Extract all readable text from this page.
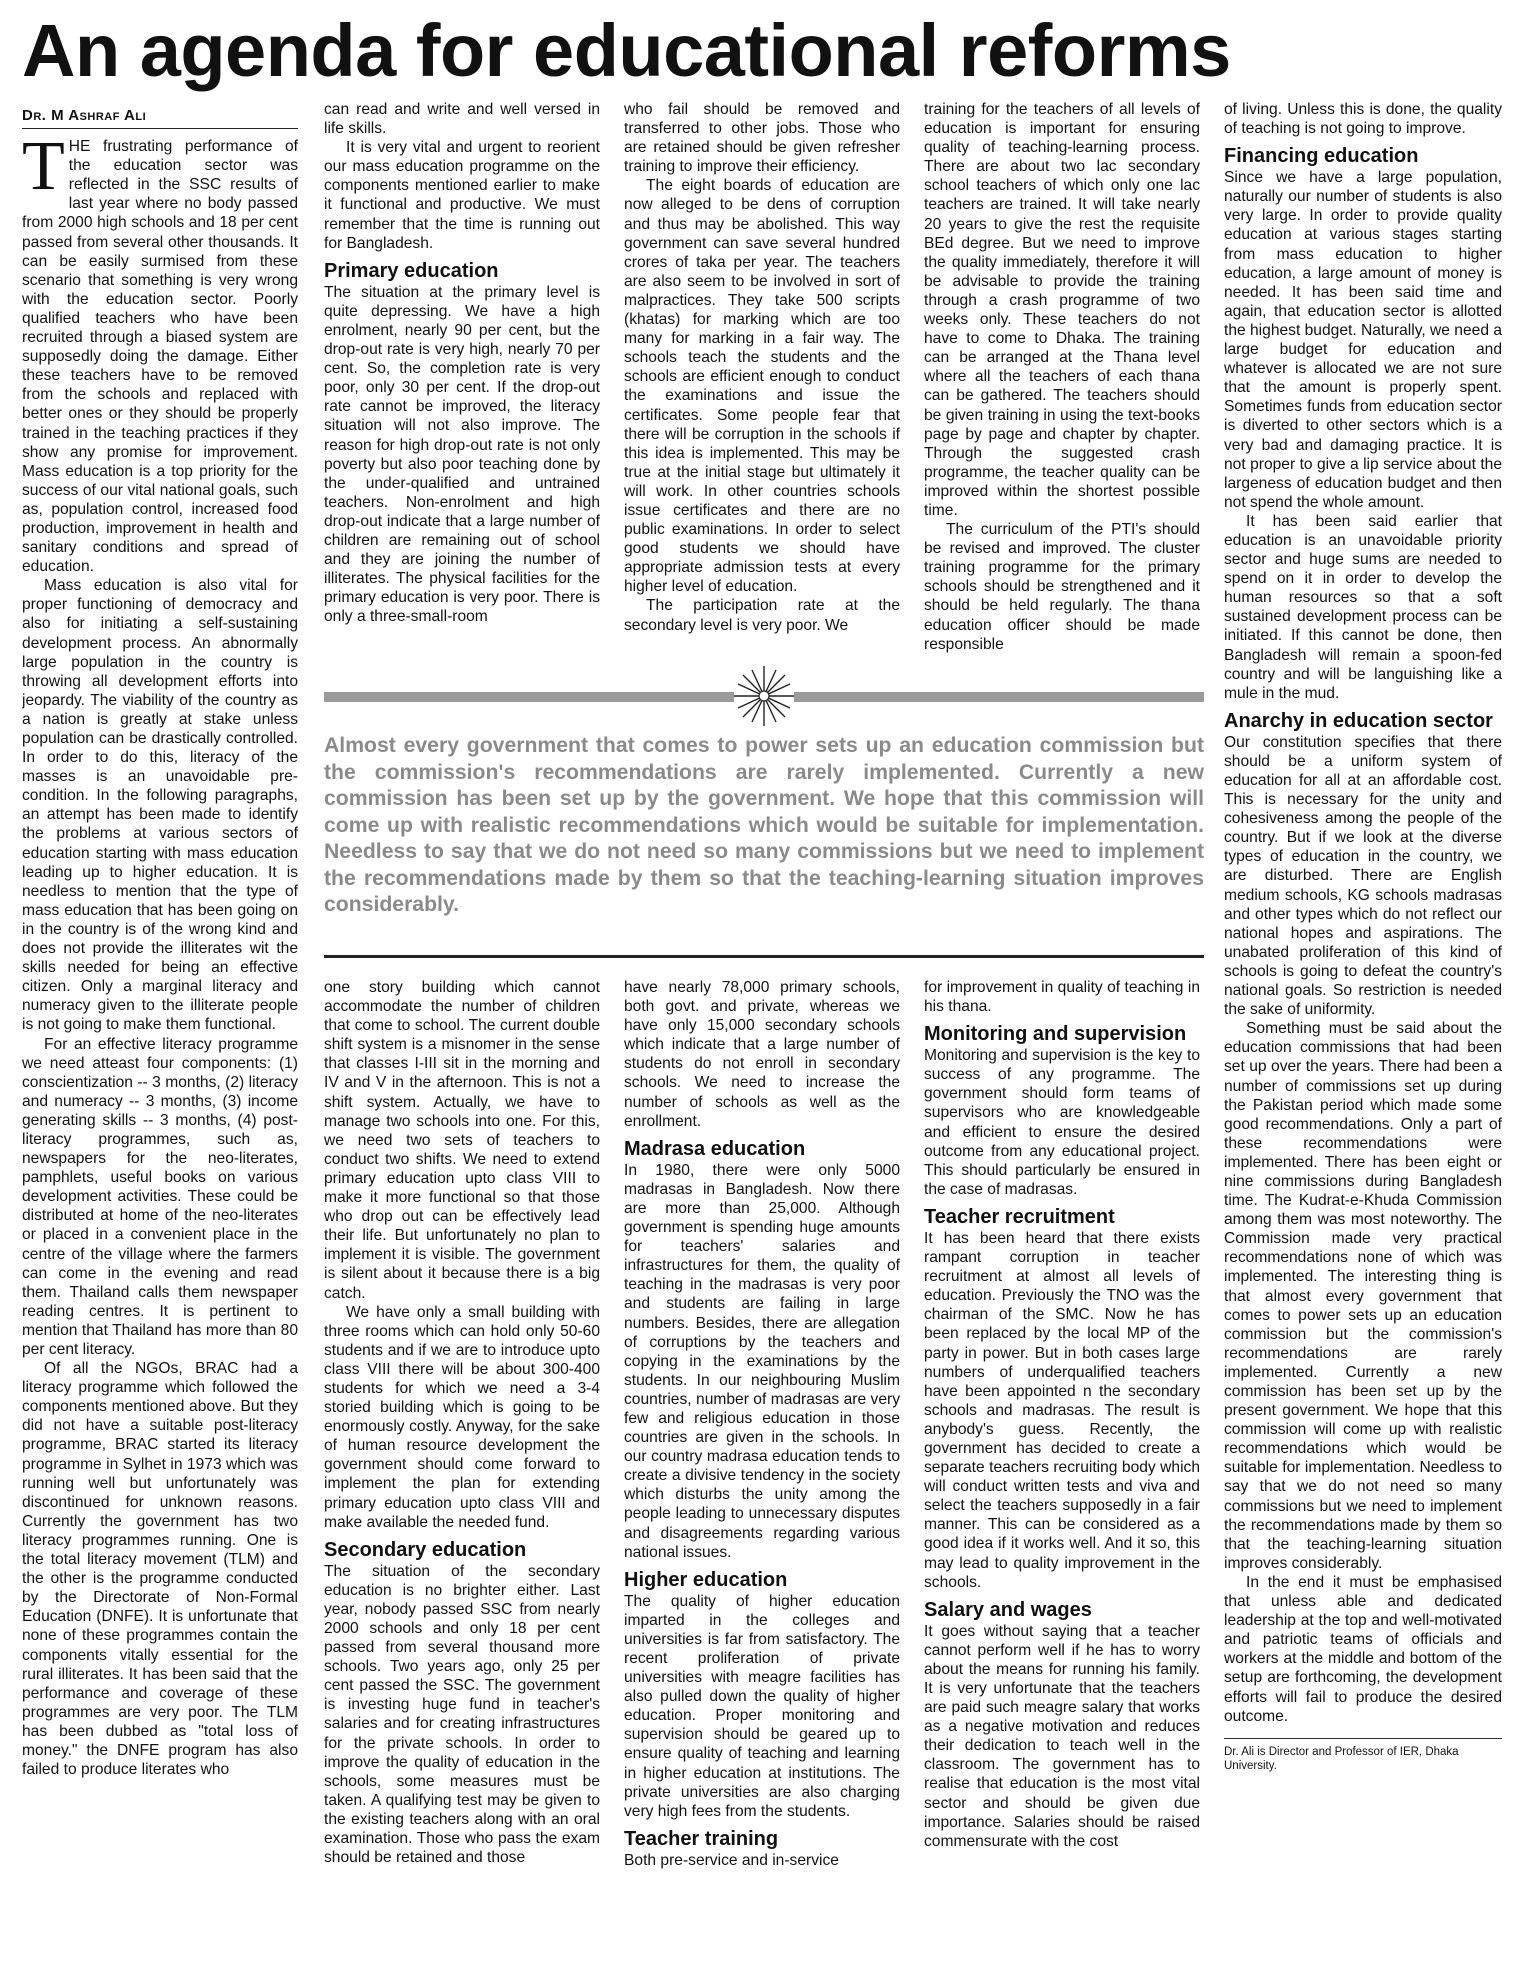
An agenda for educational reforms
Dr. M Ashraf Ali
T HE frustrating performance of the education sector was reflected in the SSC results of last year where no body passed from 2000 high schools and 18 per cent passed from several other thousands. It can be easily surmised from these scenario that something is very wrong with the education sector. Poorly qualified teachers who have been recruited through a biased system are supposedly doing the damage. Either these teachers have to be removed from the schools and replaced with better ones or they should be properly trained in the teaching practices if they show any promise for improvement. Mass education is a top priority for the success of our vital national goals, such as, population control, increased food production, improvement in health and sanitary conditions and spread of education.

Mass education is also vital for proper functioning of democracy and also for initiating a self-sustaining development process. An abnormally large population in the country is throwing all development efforts into jeopardy. The viability of the country as a nation is greatly at stake unless population can be drastically controlled. In order to do this, literacy of the masses is an unavoidable pre-condition. In the following paragraphs, an attempt has been made to identify the problems at various sectors of education starting with mass education leading up to higher education. It is needless to mention that the type of mass education that has been going on in the country is of the wrong kind and does not provide the illiterates wit the skills needed for being an effective citizen. Only a marginal literacy and numeracy given to the illiterate people is not going to make them functional.

For an effective literacy programme we need atteast four components: (1) conscientization -- 3 months, (2) literacy and numeracy -- 3 months, (3) income generating skills -- 3 months, (4) post-literacy programmes, such as, newspapers for the neo-literates, pamphlets, useful books on various development activities. These could be distributed at home of the neo-literates or placed in a convenient place in the centre of the village where the farmers can come in the evening and read them. Thailand calls them newspaper reading centres. It is pertinent to mention that Thailand has more than 80 per cent literacy.

Of all the NGOs, BRAC had a literacy programme which followed the components mentioned above. But they did not have a suitable post-literacy programme, BRAC started its literacy programme in Sylhet in 1973 which was running well but unfortunately was discontinued for unknown reasons. Currently the government has two literacy programmes running. One is the total literacy movement (TLM) and the other is the programme conducted by the Directorate of Non-Formal Education (DNFE). It is unfortunate that none of these programmes contain the components vitally essential for the rural illiterates. It has been said that the performance and coverage of these programmes are very poor. The TLM has been dubbed as "total loss of money." the DNFE program has also failed to produce literates who

can read and write and well versed in life skills.

It is very vital and urgent to reorient our mass education programme on the components mentioned earlier to make it functional and productive. We must remember that the time is running out for Bangladesh.

Primary education

The situation at the primary level is quite depressing. We have a high enrolment, nearly 90 per cent, but the drop-out rate is very high, nearly 70 per cent. So, the completion rate is very poor, only 30 per cent. If the drop-out rate cannot be improved, the literacy situation will not also improve. The reason for high drop-out rate is not only poverty but also poor teaching done by the under-qualified and untrained teachers. Non-enrolment and high drop-out indicate that a large number of children are remaining out of school and they are joining the number of illiterates. The physical facilities for the primary education is very poor. There is only a three-small-room

who fail should be removed and transferred to other jobs. Those who are retained should be given refresher training to improve their efficiency.

The eight boards of education are now alleged to be dens of corruption and thus may be abolished. This way government can save several hundred crores of taka per year. The teachers are also seem to be involved in sort of malpractices. They take 500 scripts (khatas) for marking which are too many for marking in a fair way. The schools teach the students and the schools are efficient enough to conduct the examinations and issue the certificates. Some people fear that there will be corruption in the schools if this idea is implemented. This may be true at the initial stage but ultimately it will work. In other countries schools issue certificates and there are no public examinations. In order to select good students we should have appropriate admission tests at every higher level of education.

The participation rate at the secondary level is very poor. We

training for the teachers of all levels of education is important for ensuring quality of teaching-learning process. There are about two lac secondary school teachers of which only one lac teachers are trained. It will take nearly 20 years to give the rest the requisite BEd degree. But we need to improve the quality immediately, therefore it will be advisable to provide the training through a crash programme of two weeks only. These teachers do not have to come to Dhaka. The training can be arranged at the Thana level where all the teachers of each thana can be gathered. The teachers should be given training in using the text-books page by page and chapter by chapter. Through the suggested crash programme, the teacher quality can be improved within the shortest possible time.

The curriculum of the PTI's should be revised and improved. The cluster training programme for the primary schools should be strengthened and it should be held regularly. The thana education officer should be made responsible

Almost every government that comes to power sets up an education commission but the commission's recommendations are rarely implemented. Currently a new commission has been set up by the government. We hope that this commission will come up with realistic recommendations which would be suitable for implementation. Needless to say that we do not need so many commissions but we need to implement the recommendations made by them so that the teaching-learning situation improves considerably.

one story building which cannot accommodate the number of children that come to school. The current double shift system is a misnomer in the sense that classes I-III sit in the morning and IV and V in the afternoon. This is not a shift system. Actually, we have to manage two schools into one. For this, we need two sets of teachers to conduct two shifts. We need to extend primary education upto class VIII to make it more functional so that those who drop out can be effectively lead their life. But unfortunately no plan to implement it is visible. The government is silent about it because there is a big catch.

We have only a small building with three rooms which can hold only 50-60 students and if we are to introduce upto class VIII there will be about 300-400 students for which we need a 3-4 storied building which is going to be enormously costly. Anyway, for the sake of human resource development the government should come forward to implement the plan for extending primary education upto class VIII and make available the needed fund.

Secondary education

The situation of the secondary education is no brighter either. Last year, nobody passed SSC from nearly 2000 schools and only 18 per cent passed from several thousand more schools. Two years ago, only 25 per cent passed the SSC. The government is investing huge fund in teacher's salaries and for creating infrastructures for the private schools. In order to improve the quality of education in the schools, some measures must be taken. A qualifying test may be given to the existing teachers along with an oral examination. Those who pass the exam should be retained and those

have nearly 78,000 primary schools, both govt. and private, whereas we have only 15,000 secondary schools which indicate that a large number of students do not enroll in secondary schools. We need to increase the number of schools as well as the enrollment.

Madrasa education

In 1980, there were only 5000 madrasas in Bangladesh. Now there are more than 25,000. Although government is spending huge amounts for teachers' salaries and infrastructures for them, the quality of teaching in the madrasas is very poor and students are failing in large numbers. Besides, there are allegation of corruptions by the teachers and copying in the examinations by the students. In our neighbouring Muslim countries, number of madrasas are very few and religious education in those countries are given in the schools. In our country madrasa education tends to create a divisive tendency in the society which disturbs the unity among the people leading to unnecessary disputes and disagreements regarding various national issues.

Higher education

The quality of higher education imparted in the colleges and universities is far from satisfactory. The recent proliferation of private universities with meagre facilities has also pulled down the quality of higher education. Proper monitoring and supervision should be geared up to ensure quality of teaching and learning in higher education at institutions. The private universities are also charging very high fees from the students.

Teacher training

Both pre-service and in-service

for improvement in quality of teaching in his thana.

Monitoring and supervision

Monitoring and supervision is the key to success of any programme. The government should form teams of supervisors who are knowledgeable and efficient to ensure the desired outcome from any educational project. This should particularly be ensured in the case of madrasas.

Teacher recruitment

It has been heard that there exists rampant corruption in teacher recruitment at almost all levels of education. Previously the TNO was the chairman of the SMC. Now he has been replaced by the local MP of the party in power. But in both cases large numbers of underqualified teachers have been appointed n the secondary schools and madrasas. The result is anybody's guess. Recently, the government has decided to create a separate teachers recruiting body which will conduct written tests and viva and select the teachers supposedly in a fair manner. This can be considered as a good idea if it works well. And it so, this may lead to quality improvement in the schools.

Salary and wages

It goes without saying that a teacher cannot perform well if he has to worry about the means for running his family. It is very unfortunate that the teachers are paid such meagre salary that works as a negative motivation and reduces their dedication to teach well in the classroom. The government has to realise that education is the most vital sector and should be given due importance. Salaries should be raised commensurate with the cost

of living. Unless this is done, the quality of teaching is not going to improve.

Financing education

Since we have a large population, naturally our number of students is also very large. In order to provide quality education at various stages starting from mass education to higher education, a large amount of money is needed. It has been said time and again, that education sector is allotted the highest budget. Naturally, we need a large budget for education and whatever is allocated we are not sure that the amount is properly spent. Sometimes funds from education sector is diverted to other sectors which is a very bad and damaging practice. It is not proper to give a lip service about the largeness of education budget and then not spend the whole amount.

It has been said earlier that education is an unavoidable priority sector and huge sums are needed to spend on it in order to develop the human resources so that a soft sustained development process can be initiated. If this cannot be done, then Bangladesh will remain a spoon-fed country and will be languishing like a mule in the mud.

Anarchy in education sector

Our constitution specifies that there should be a uniform system of education for all at an affordable cost. This is necessary for the unity and cohesiveness among the people of the country. But if we look at the diverse types of education in the country, we are disturbed. There are English medium schools, KG schools madrasas and other types which do not reflect our national hopes and aspirations. The unabated proliferation of this kind of schools is going to defeat the country's national goals. So restriction is needed the sake of uniformity.

Something must be said about the education commissions that had been set up over the years. There had been a number of commissions set up during the Pakistan period which made some good recommendations. Only a part of these recommendations were implemented. There has been eight or nine commissions during Bangladesh time. The Kudrat-e-Khuda Commission among them was most noteworthy. The Commission made very practical recommendations none of which was implemented. The interesting thing is that almost every government that comes to power sets up an education commission but the commission's recommendations are rarely implemented. Currently a new commission has been set up by the present government. We hope that this commission will come up with realistic recommendations which would be suitable for implementation. Needless to say that we do not need so many commissions but we need to implement the recommendations made by them so that the teaching-learning situation improves considerably.

In the end it must be emphasised that unless able and dedicated leadership at the top and well-motivated and patriotic teams of officials and workers at the middle and bottom of the setup are forthcoming, the development efforts will fail to produce the desired outcome.

Dr. Ali is Director and Professor of IER, Dhaka University.
